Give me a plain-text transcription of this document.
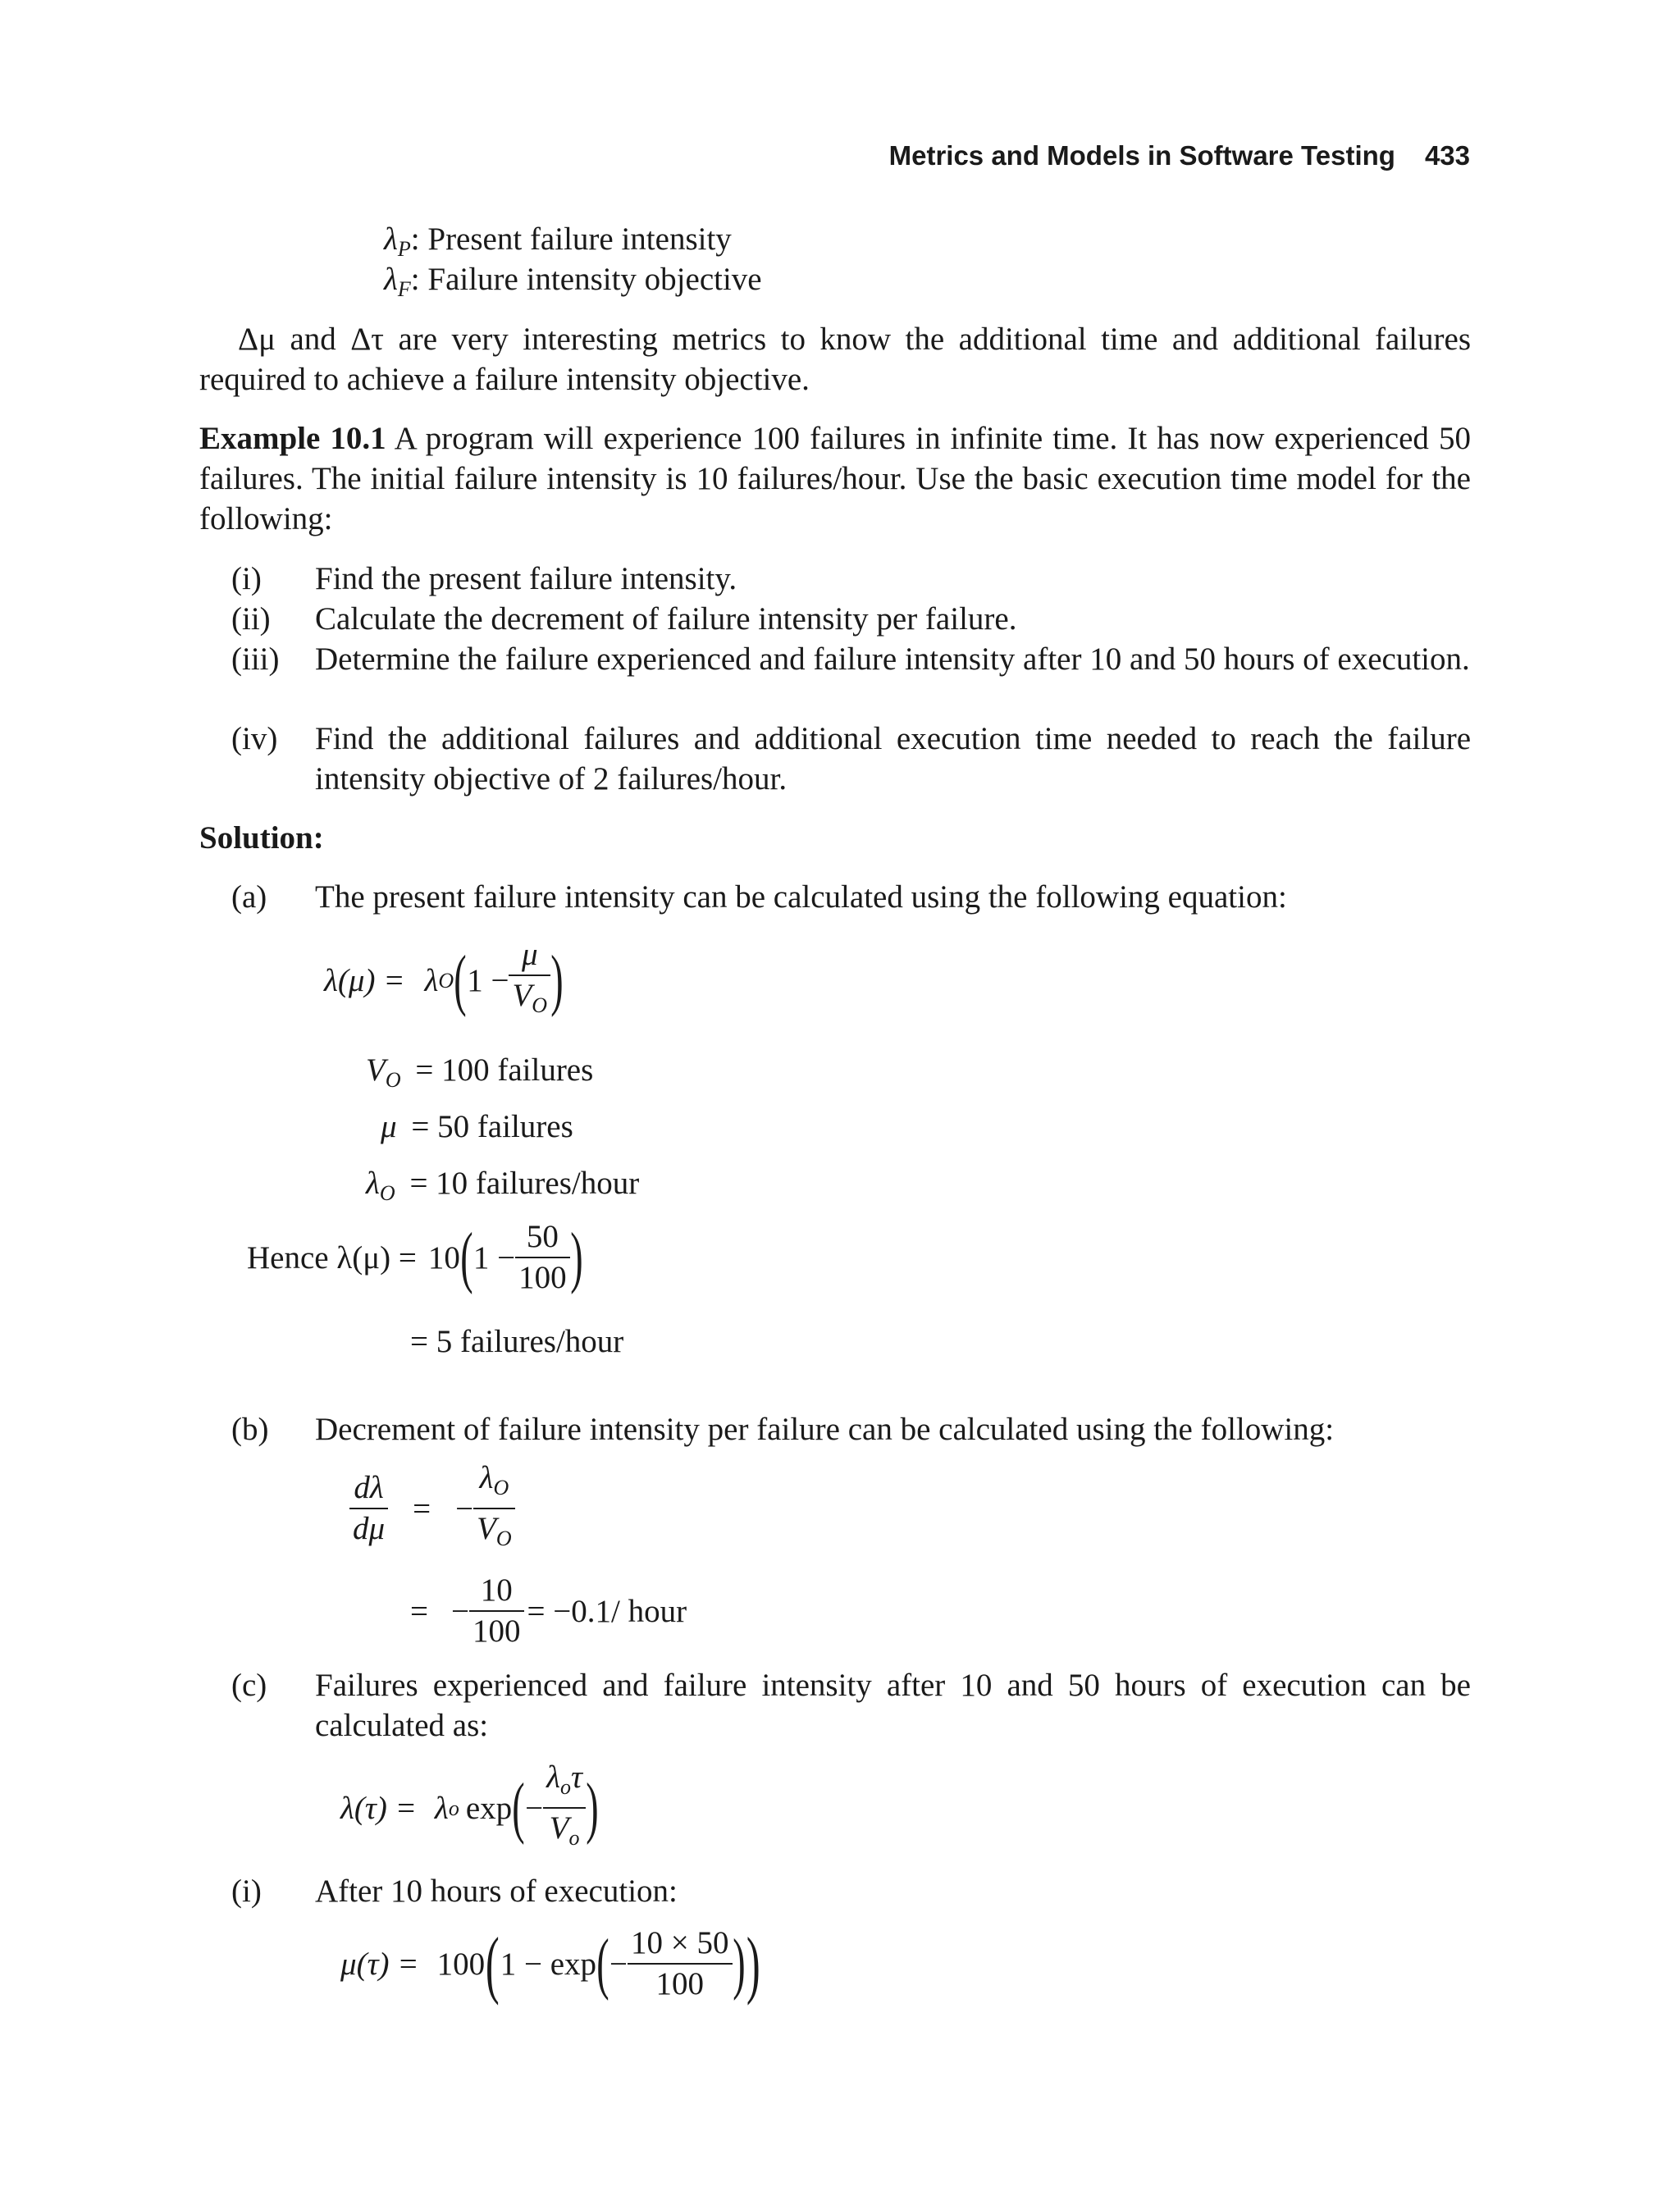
Metrics and Models in Software Testing 433
$\lambda_P$: Present failure intensity
$\lambda_F$: Failure intensity objective
Δμ and Δτ are very interesting metrics to know the additional time and additional failures required to achieve a failure intensity objective.
Example 10.1 A program will experience 100 failures in infinite time. It has now experienced 50 failures. The initial failure intensity is 10 failures/hour. Use the basic execution time model for the following:
(i) Find the present failure intensity.
(ii) Calculate the decrement of failure intensity per failure.
(iii) Determine the failure experienced and failure intensity after 10 and 50 hours of execution.
(iv) Find the additional failures and additional execution time needed to reach the failure intensity objective of 2 failures/hour.
Solution:
(a) The present failure intensity can be calculated using the following equation:
λ(μ) = λ O ( $1 - \frac{\mu}{V_O}$ )
$V_O = 100$ failures
μ = 50 failures
$\lambda_O = 10$ failures/hour
Hence λ(μ) = 10 ( $1 - \frac{50}{100}$ )
= 5 failures/hour
(b) Decrement of failure intensity per failure can be calculated using the following:
$\frac{d\lambda}{d\mu}$ = − $\frac{\lambda_O}{V_O}$
= − $\frac{10}{100} = -0.1/$ hour
(c) Failures experienced and failure intensity after 10 and 50 hours of execution can be calculated as:
λ(τ) = λ o exp ( − $\frac{\lambda_o\tau}{V_o}$ )
(i) After 10 hours of execution:
μ(τ) = 100 ( 1 − exp ( − $\frac{10 \times 50}{100}$ ) )
